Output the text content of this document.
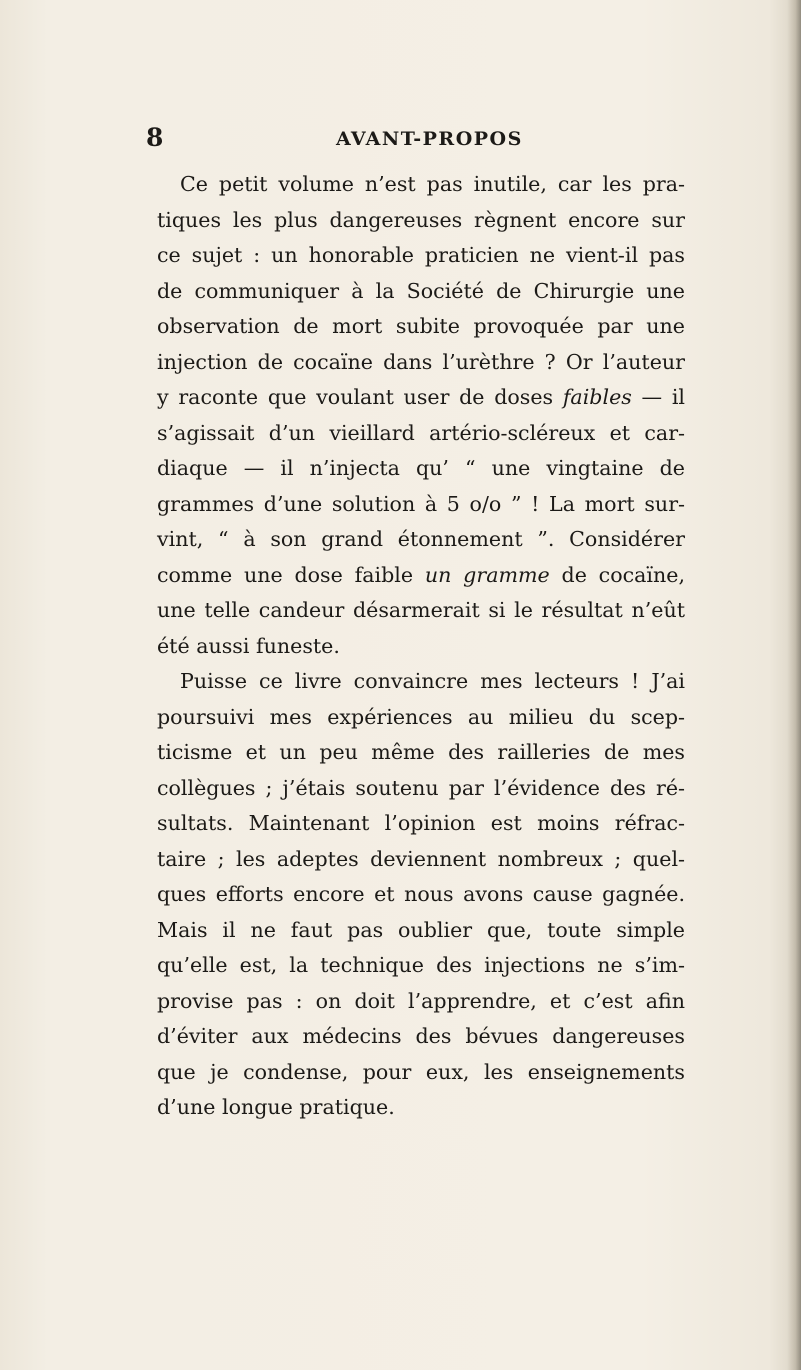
8	AVANT-PROPOS
Ce petit volume n’est pas inutile, car les pra-
tiques les plus dangereuses règnent encore sur
ce sujet : un honorable praticien ne vient-il pas
de communiquer à la Société de Chirurgie une
observation de mort subite provoquée par une
injection de cocaïne dans l’urèthre ? Or l’auteur
y raconte que voulant user de doses faibles — il
s’agissait d’un vieillard artério-scléreux et car-
diaque — il n’injecta qu’ “ une vingtaine de
grammes d’une solution à 5 o/o ” ! La mort sur-
vint, “ à son grand étonnement ”. Considérer
comme une dose faible un gramme de cocaïne,
une telle candeur désarmerait si le résultat n’eût
été aussi funeste.
Puisse ce livre convaincre mes lecteurs ! J’ai
poursuivi mes expériences au milieu du scep-
ticisme et un peu même des railleries de mes
collègues ; j’étais soutenu par l’évidence des ré-
sultats. Maintenant l’opinion est moins réfrac-
taire ; les adeptes deviennent nombreux ; quel-
ques efforts encore et nous avons cause gagnée.
Mais il ne faut pas oublier que, toute simple
qu’elle est, la technique des injections ne s’im-
provise pas : on doit l’apprendre, et c’est afin
d’éviter aux médecins des bévues dangereuses
que je condense, pour eux, les enseignements
d’une longue pratique.
